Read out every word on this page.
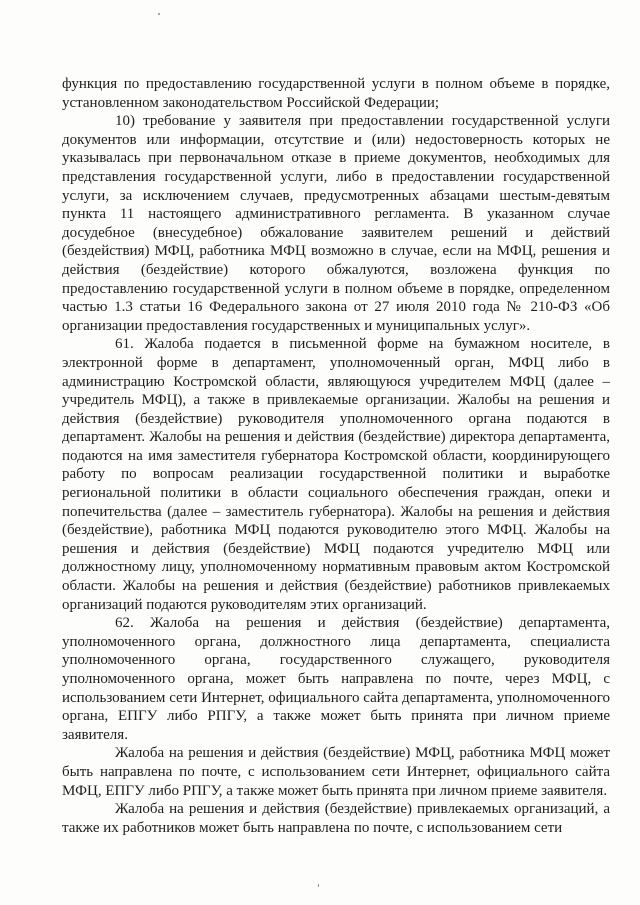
функция по предоставлению государственной услуги в полном объеме в порядке, установленном законодательством Российской Федерации;

10) требование у заявителя при предоставлении государственной услуги документов или информации, отсутствие и (или) недостоверность которых не указывалась при первоначальном отказе в приеме документов, необходимых для представления государственной услуги, либо в предоставлении государственной услуги, за исключением случаев, предусмотренных абзацами шестым-девятым пункта 11 настоящего административного регламента. В указанном случае досудебное (внесудебное) обжалование заявителем решений и действий (бездействия) МФЦ, работника МФЦ возможно в случае, если на МФЦ, решения и действия (бездействие) которого обжалуются, возложена функция по предоставлению государственной услуги в полном объеме в порядке, определенном частью 1.3 статьи 16 Федерального закона от 27 июля 2010 года № 210-ФЗ «Об организации предоставления государственных и муниципальных услуг».

61. Жалоба подается в письменной форме на бумажном носителе, в электронной форме в департамент, уполномоченный орган, МФЦ либо в администрацию Костромской области, являющуюся учредителем МФЦ (далее – учредитель МФЦ), а также в привлекаемые организации. Жалобы на решения и действия (бездействие) руководителя уполномоченного органа подаются в департамент. Жалобы на решения и действия (бездействие) директора департамента, подаются на имя заместителя губернатора Костромской области, координирующего работу по вопросам реализации государственной политики и выработке региональной политики в области социального обеспечения граждан, опеки и попечительства (далее – заместитель губернатора). Жалобы на решения и действия (бездействие), работника МФЦ подаются руководителю этого МФЦ. Жалобы на решения и действия (бездействие) МФЦ подаются учредителю МФЦ или должностному лицу, уполномоченному нормативным правовым актом Костромской области. Жалобы на решения и действия (бездействие) работников привлекаемых организаций подаются руководителям этих организаций.

62. Жалоба на решения и действия (бездействие) департамента, уполномоченного органа, должностного лица департамента, специалиста уполномоченного органа, государственного служащего, руководителя уполномоченного органа, может быть направлена по почте, через МФЦ, с использованием сети Интернет, официального сайта департамента, уполномоченного органа, ЕПГУ либо РПГУ, а также может быть принята при личном приеме заявителя.

Жалоба на решения и действия (бездействие) МФЦ, работника МФЦ может быть направлена по почте, с использованием сети Интернет, официального сайта МФЦ, ЕПГУ либо РПГУ, а также может быть принята при личном приеме заявителя.

Жалоба на решения и действия (бездействие) привлекаемых организаций, а также их работников может быть направлена по почте, с использованием сети
